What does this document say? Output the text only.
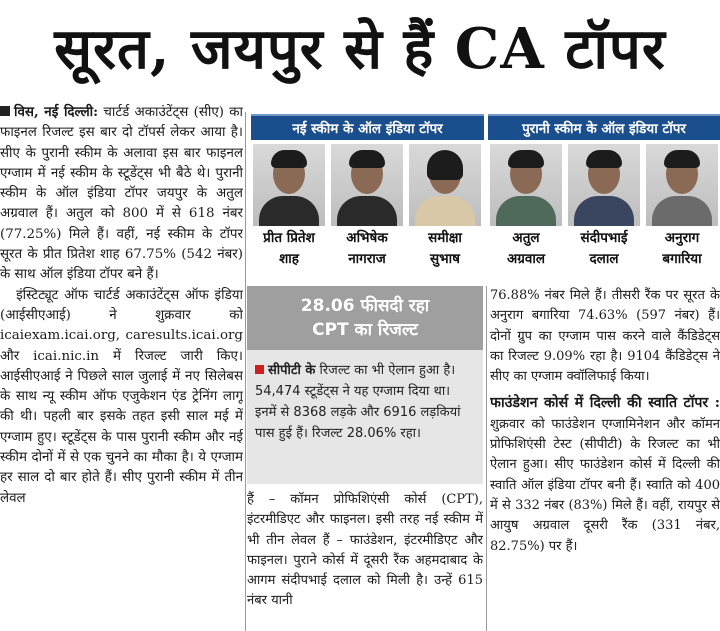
सूरत, जयपुर से हैं CA टॉपर

विस, नई दिल्ली: चार्टर्ड अकाउंटेंट्स (सीए) का फाइनल रिजल्ट इस बार दो टॉपर्स लेकर आया है। सीए के पुरानी स्कीम के अलावा इस बार फाइनल एग्जाम में नई स्कीम के स्टूडेंट्स भी बैठे थे। पुरानी स्कीम के ऑल इंडिया टॉपर जयपुर के अतुल अग्रवाल हैं। अतुल को 800 में से 618 नंबर (77.25%) मिले हैं। वहीं, नई स्कीम के टॉपर सूरत के प्रीत प्रितेश शाह 67.75% (542 नंबर) के साथ ऑल इंडिया टॉपर बने हैं।

इंस्टिट्यूट ऑफ चार्टर्ड अकाउंटेंट्स ऑफ इंडिया (आईसीएआई) ने शुक्रवार को icaiexam.icai.org, caresults.icai.org और icai.nic.in में रिजल्ट जारी किए। आईसीएआई ने पिछले साल जुलाई में नए सिलेबस के साथ न्यू स्कीम ऑफ एजुकेशन एंड ट्रेनिंग लागू की थी। पहली बार इसके तहत इसी साल मई में एग्जाम हुए। स्टूडेंट्स के पास पुरानी स्कीम और नई स्कीम दोनों में से एक चुनने का मौका है। ये एग्जाम हर साल दो बार होते हैं। सीए पुरानी स्कीम में तीन लेवल

नई स्कीम के ऑल इंडिया टॉपर
प्रीत प्रितेश
शाह
अभिषेक
नागराज
समीक्षा
सुभाष
पुरानी स्कीम के ऑल इंडिया टॉपर
अतुल
अग्रवाल
संदीपभाई
दलाल
अनुराग
बगारिया
28.06 फीसदी रहा
CPT का रिजल्ट
सीपीटी के रिजल्ट का भी ऐलान हुआ है। 54,474 स्टूडेंट्स ने यह एग्जाम दिया था। इनमें से 8368 लड़के और 6916 लड़कियां पास हुई हैं। रिजल्ट 28.06% रहा।
हैं – कॉमन प्रोफिशिएंसी कोर्स (CPT), इंटरमीडिएट और फाइनल। इसी तरह नई स्कीम में भी तीन लेवल हैं – फाउंडेशन, इंटरमीडिएट और फाइनल। पुराने कोर्स में दूसरी रैंक अहमदाबाद के आगम संदीपभाई दलाल को मिली है। उन्हें 615 नंबर यानी

76.88% नंबर मिले हैं। तीसरी रैंक पर सूरत के अनुराग बगारिया 74.63% (597 नंबर) हैं। दोनों ग्रुप का एग्जाम पास करने वाले कैंडिडेट्स का रिजल्ट 9.09% रहा है। 9104 कैंडिडेट्स ने सीए का एग्जाम क्वॉलिफाई किया।

फाउंडेशन कोर्स में दिल्ली की स्वाति टॉपर : शुक्रवार को फाउंडेशन एग्जामिनेशन और कॉमन प्रोफिशिएंसी टेस्ट (सीपीटी) के रिजल्ट का भी ऐलान हुआ। सीए फाउंडेशन कोर्स में दिल्ली की स्वाति ऑल इंडिया टॉपर बनी हैं। स्वाति को 400 में से 332 नंबर (83%) मिले हैं। वहीं, रायपुर से आयुष अग्रवाल दूसरी रैंक (331 नंबर, 82.75%) पर हैं।
